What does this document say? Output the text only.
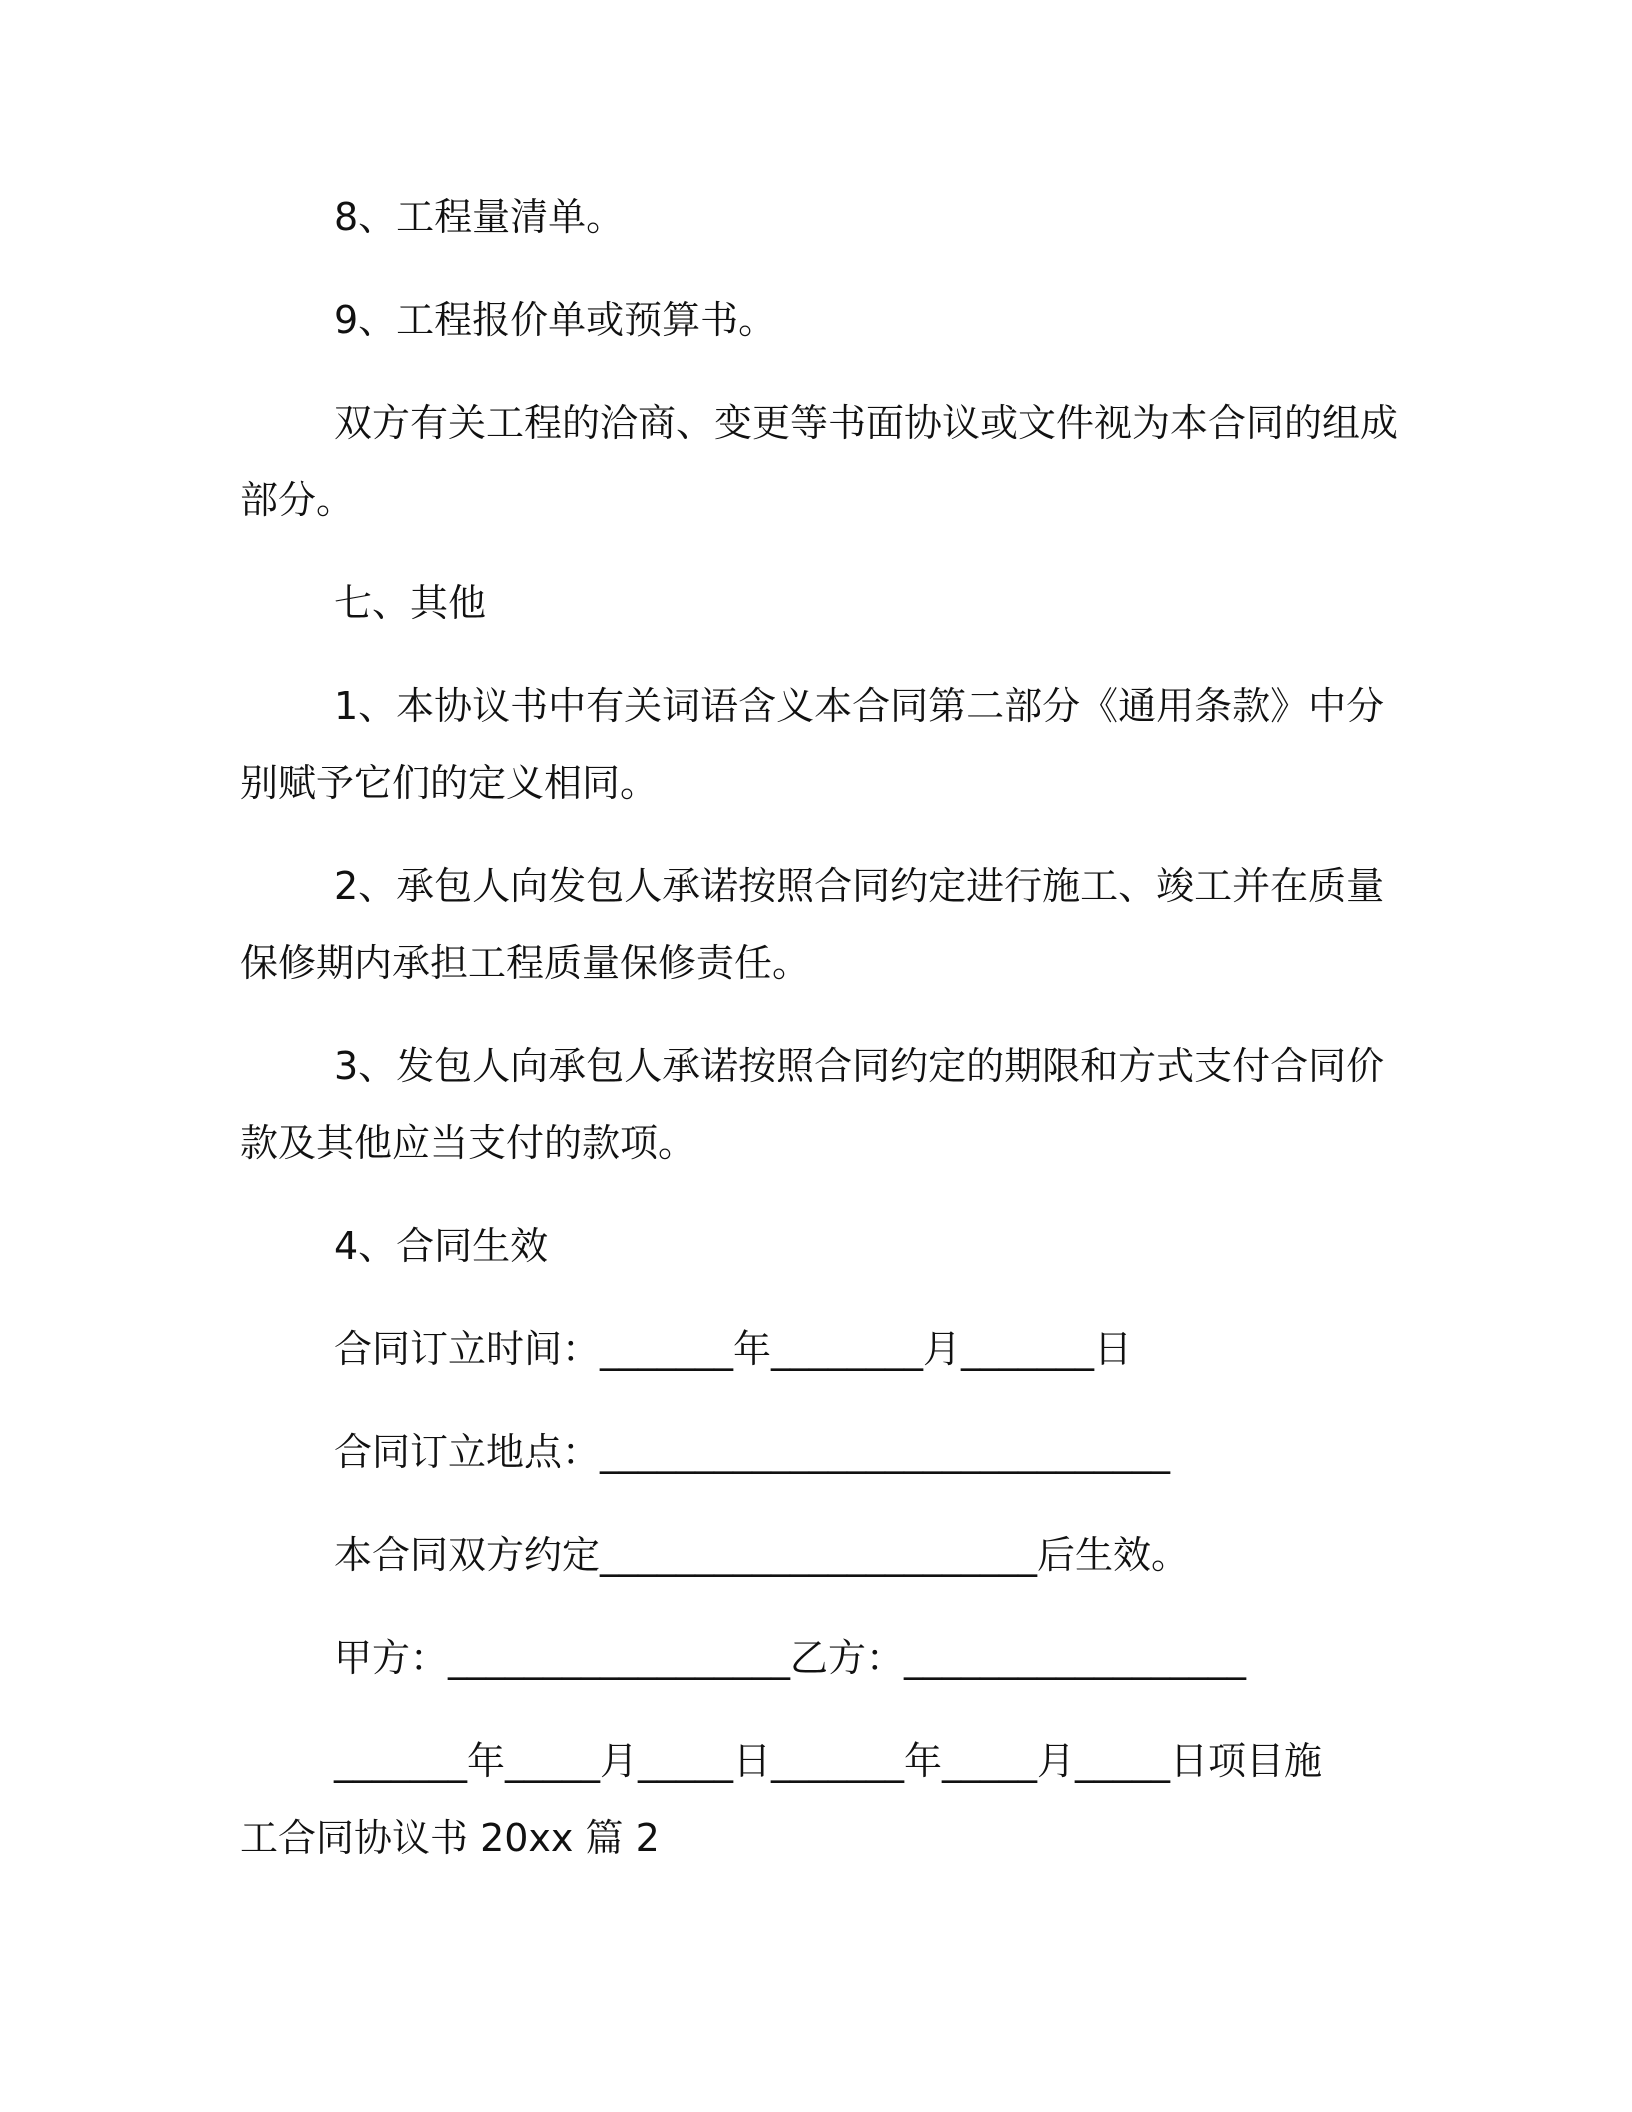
8、工程量清单。
9、工程报价单或预算书。
双方有关工程的洽商、变更等书面协议或文件视为本合同的组成
部分。
七、其他
1、本协议书中有关词语含义本合同第二部分《通用条款》中分
别赋予它们的定义相同。
2、承包人向发包人承诺按照合同约定进行施工、竣工并在质量
保修期内承担工程质量保修责任。
3、发包人向承包人承诺按照合同约定的期限和方式支付合同价
款及其他应当支付的款项。
4、合同生效
合同订立时间：_______年________月_______日
合同订立地点：______________________________
本合同双方约定_______________________后生效。
甲方：__________________乙方：__________________
_______年_____月_____日_______年_____月_____日项目施
工合同协议书 20xx 篇 2
